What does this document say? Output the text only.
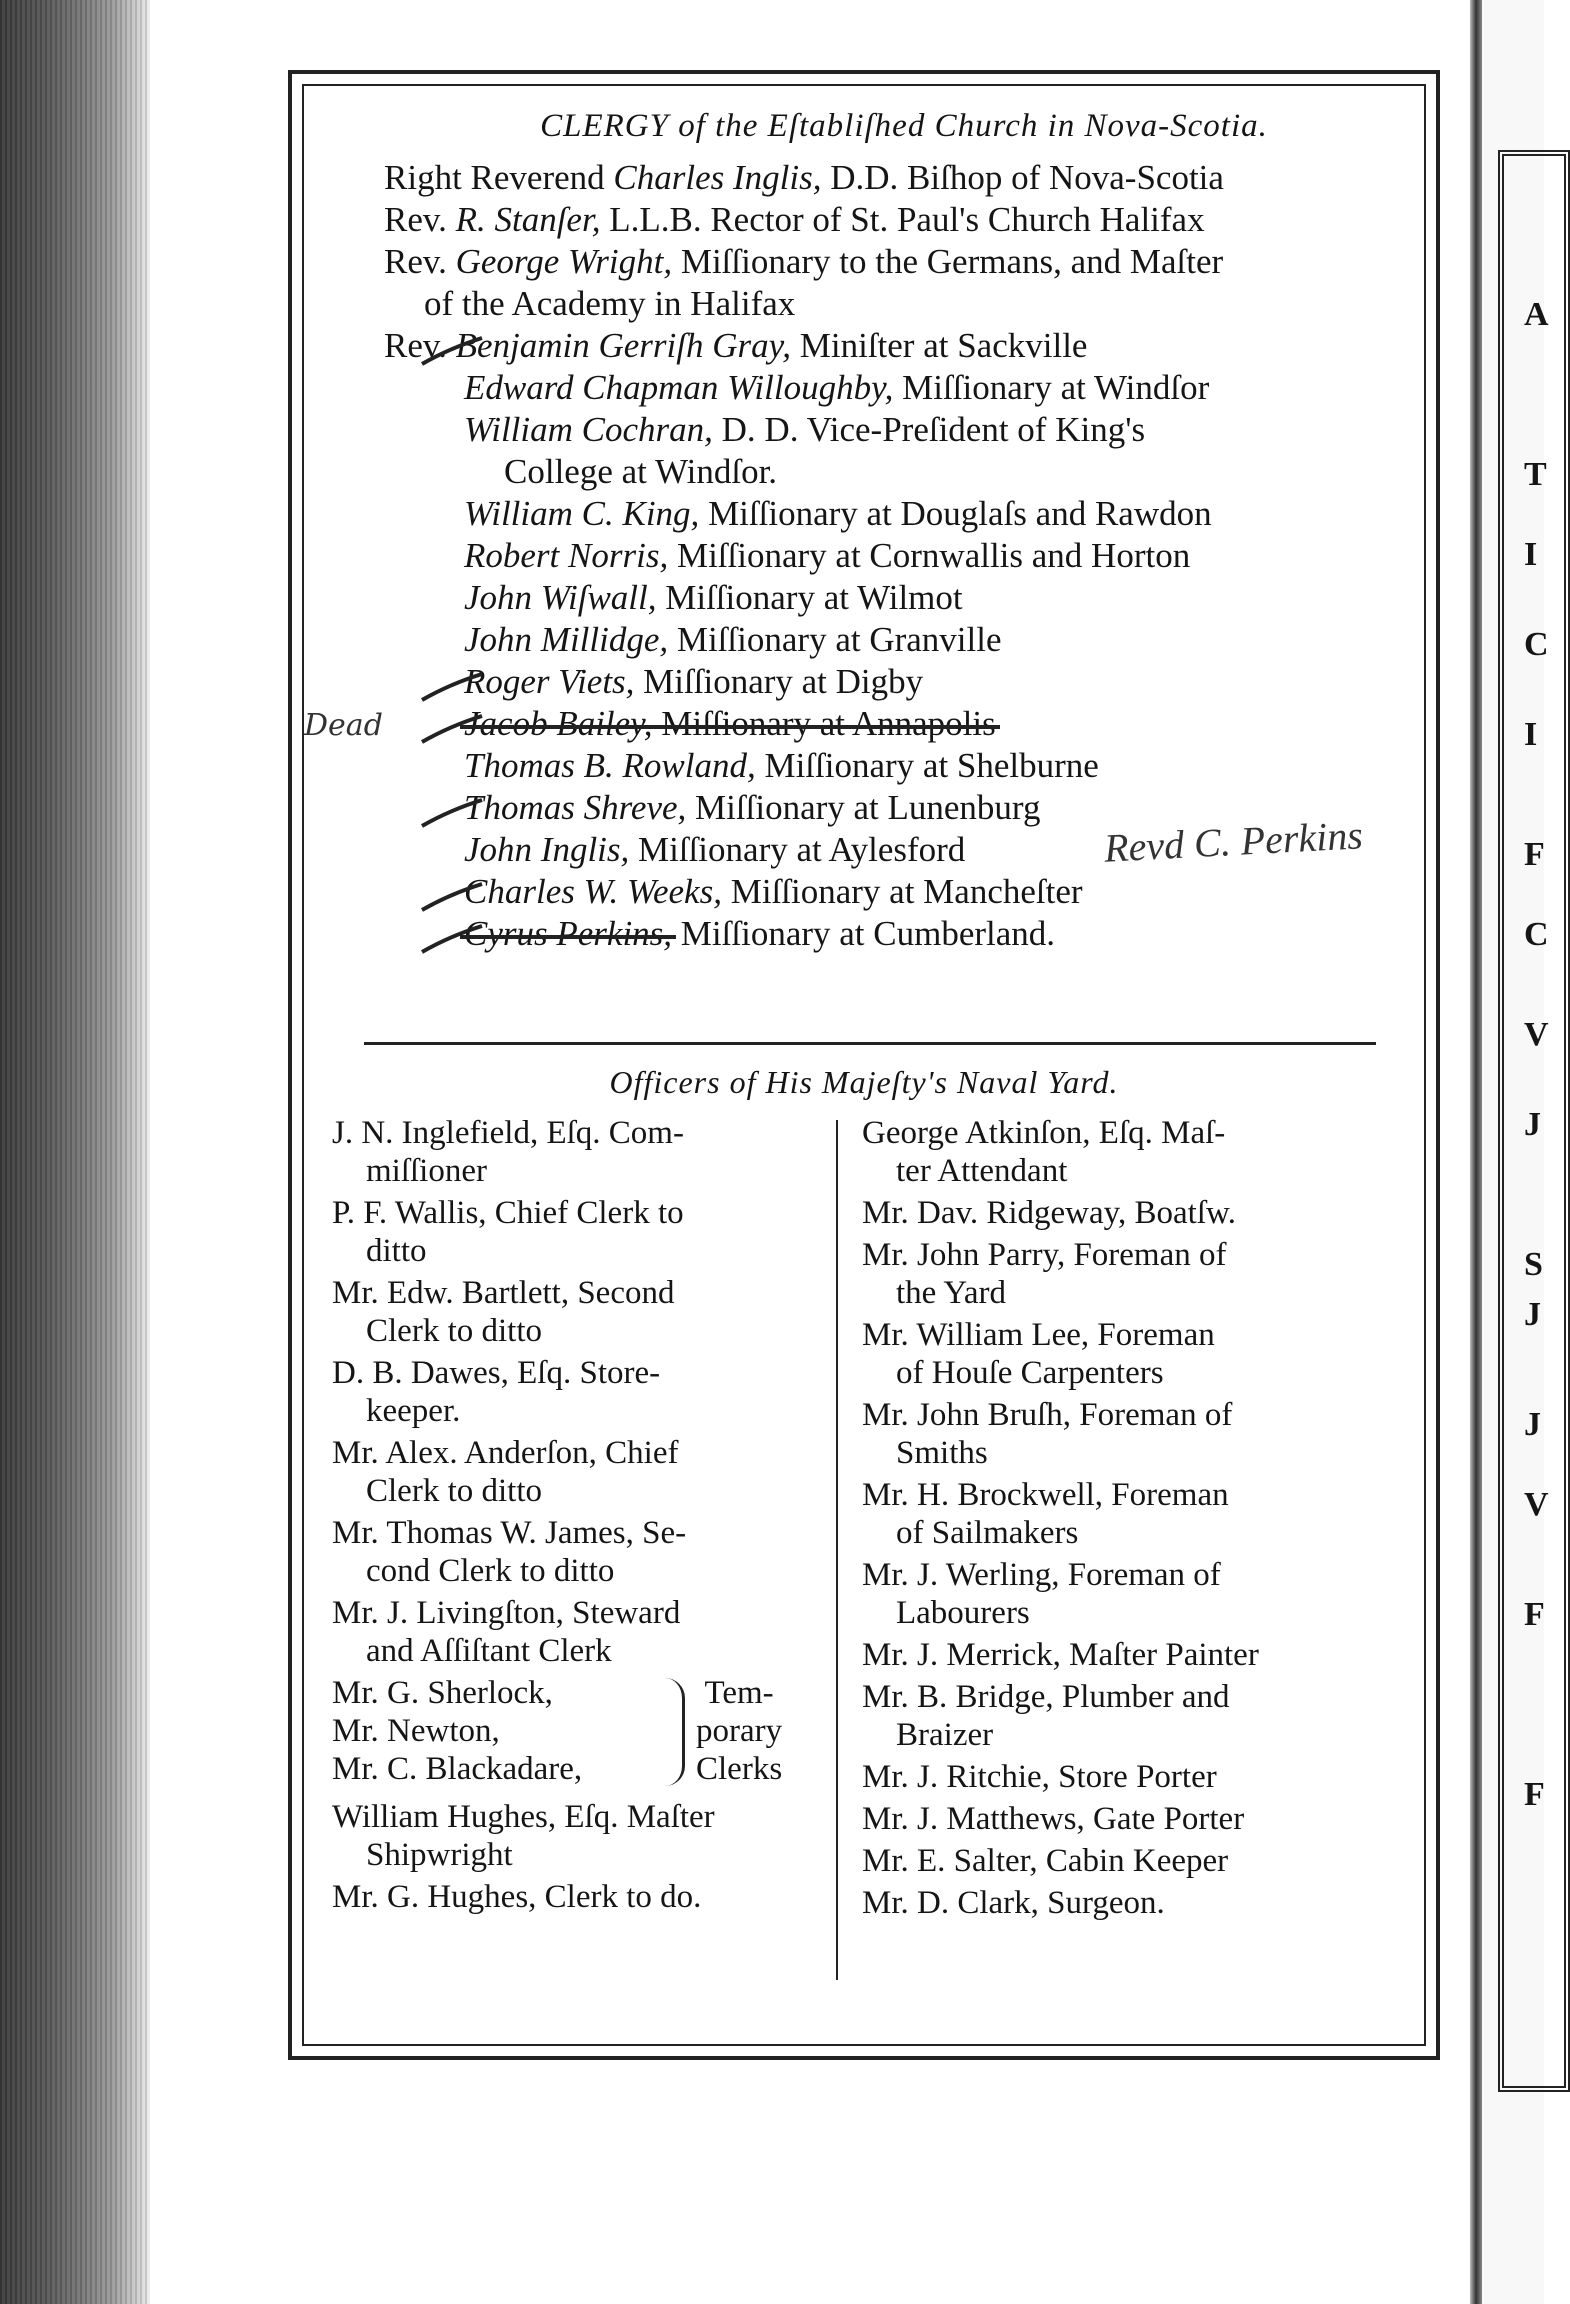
A
T
I
C
I
F
C
V
J
S
J
J
V
F
F
CLERGY of the Eſtabliſhed Church in Nova-Scotia.
Right Reverend Charles Inglis, D.D. Biſhop of Nova-Scotia
Rev. R. Stanſer, L.L.B. Rector of St. Paul's Church Halifax
Rev. George Wright, Miſſionary to the Germans, and Maſter
of the Academy in Halifax
Rev. Benjamin Gerriſh Gray, Miniſter at Sackville
Edward Chapman Willoughby, Miſſionary at Windſor
William Cochran, D. D. Vice-Preſident of King's
College at Windſor.
William C. King, Miſſionary at Douglaſs and Rawdon
Robert Norris, Miſſionary at Cornwallis and Horton
John Wiſwall, Miſſionary at Wilmot
John Millidge, Miſſionary at Granville
Roger Viets, Miſſionary at Digby
Jacob Bailey, Miſſionary at Annapolis
Dead
Thomas B. Rowland, Miſſionary at Shelburne
Thomas Shreve, Miſſionary at Lunenburg
John Inglis, Miſſionary at Aylesford
Charles W. Weeks, Miſſionary at Mancheſter
Cyrus Perkins, Miſſionary at Cumberland.
Officers of His Majeſty's Naval Yard.
J. N. Inglefield, Eſq. Com-
miſſioner
P. F. Wallis, Chief Clerk to
ditto
Mr. Edw. Bartlett, Second
Clerk to ditto
D. B. Dawes, Eſq. Store-
keeper.
Mr. Alex. Anderſon, Chief
Clerk to ditto
Mr. Thomas W. James, Se-
cond Clerk to ditto
Mr. J. Livingſton, Steward
and Aſſiſtant Clerk
Mr. G. Sherlock,
Mr. Newton,
Mr. C. Blackadare,
Tem-
porary
Clerks
William Hughes, Eſq. Maſter
Shipwright
Mr. G. Hughes, Clerk to do.
George Atkinſon, Eſq. Maſ-
ter Attendant
Mr. Dav. Ridgeway, Boatſw.
Mr. John Parry, Foreman of
the Yard
Mr. William Lee, Foreman
of Houſe Carpenters
Mr. John Bruſh, Foreman of
Smiths
Mr. H. Brockwell, Foreman
of Sailmakers
Mr. J. Werling, Foreman of
Labourers
Mr. J. Merrick, Maſter Painter
Mr. B. Bridge, Plumber and
Braizer
Mr. J. Ritchie, Store Porter
Mr. J. Matthews, Gate Porter
Mr. E. Salter, Cabin Keeper
Mr. D. Clark, Surgeon.
Revd C. Perkins
